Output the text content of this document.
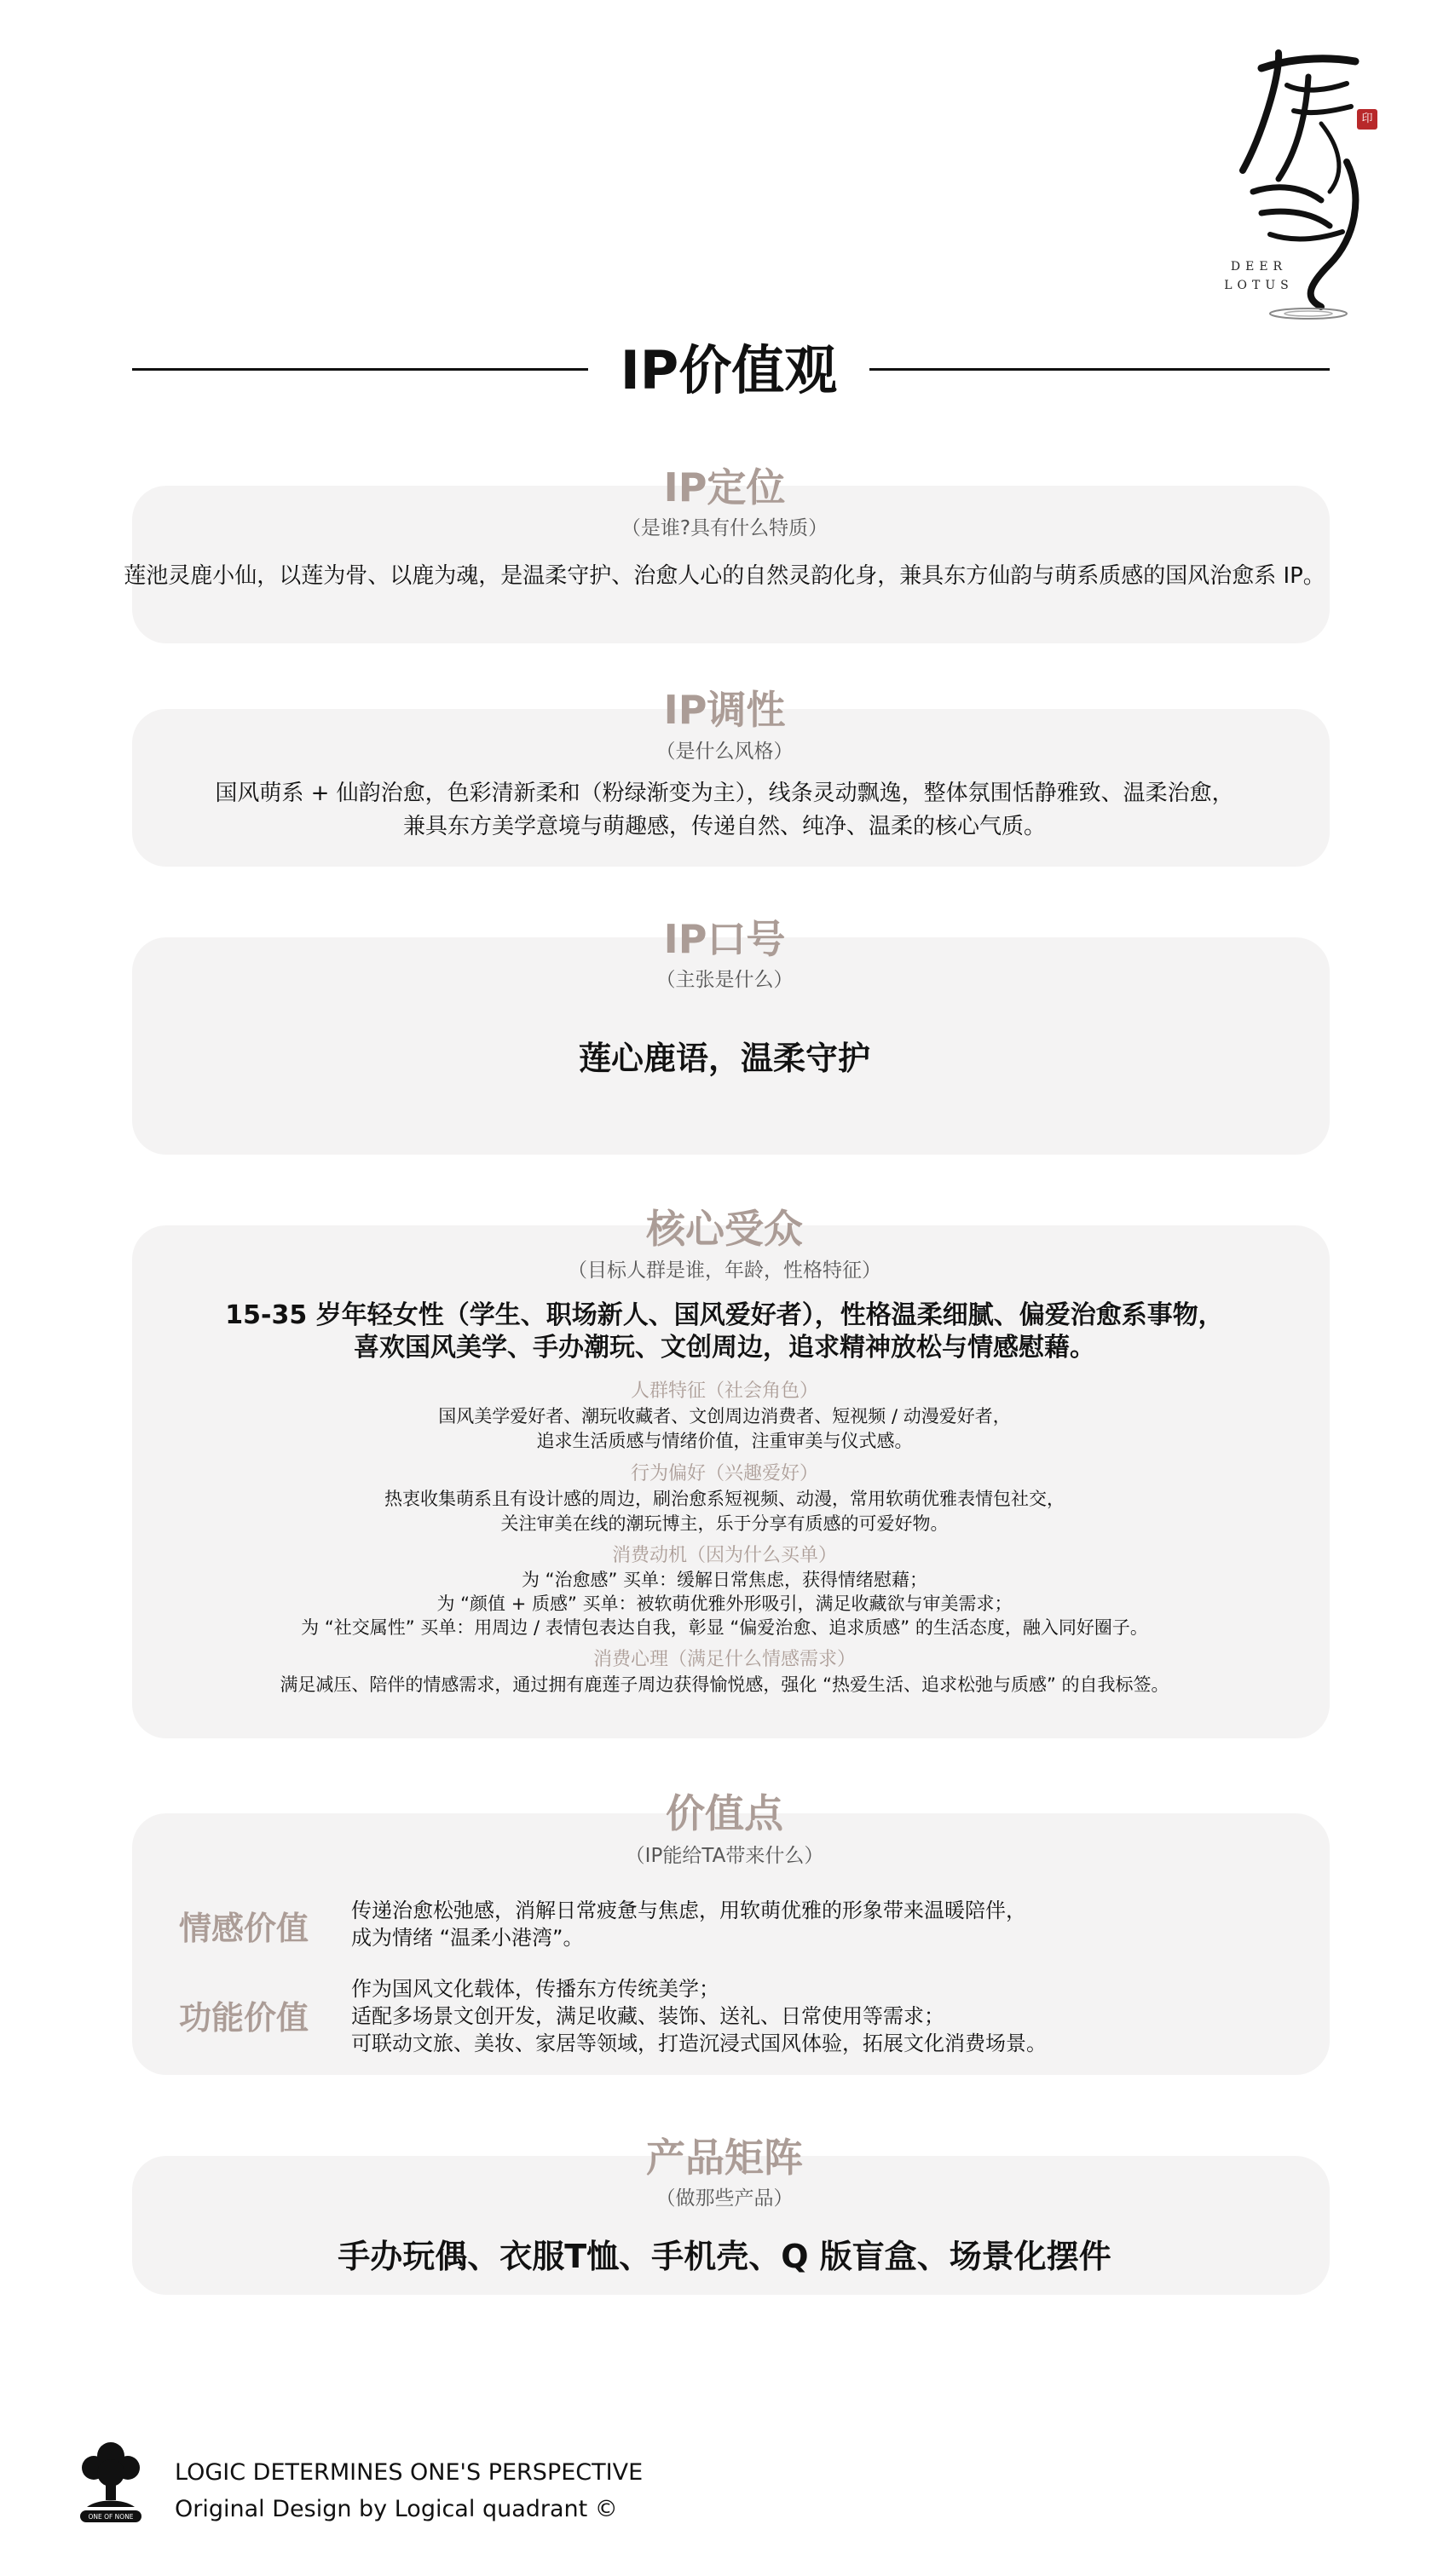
印
DEER
LOTUS
IP价值观
IP定位
（是谁?具有什么特质）
莲池灵鹿小仙，以莲为骨、以鹿为魂，是温柔守护、治愈人心的自然灵韵化身，兼具东方仙韵与萌系质感的国风治愈系 IP。
IP调性
（是什么风格）
国风萌系 + 仙韵治愈，色彩清新柔和（粉绿渐变为主），线条灵动飘逸，整体氛围恬静雅致、温柔治愈，
兼具东方美学意境与萌趣感，传递自然、纯净、温柔的核心气质。
IP口号
（主张是什么）
莲心鹿语，温柔守护
核心受众
（目标人群是谁，年龄，性格特征）
15-35 岁年轻女性（学生、职场新人、国风爱好者），性格温柔细腻、偏爱治愈系事物，
喜欢国风美学、手办潮玩、文创周边，追求精神放松与情感慰藉。
人群特征（社会角色）
国风美学爱好者、潮玩收藏者、文创周边消费者、短视频 / 动漫爱好者，
追求生活质感与情绪价值，注重审美与仪式感。
行为偏好（兴趣爱好）
热衷收集萌系且有设计感的周边，刷治愈系短视频、动漫，常用软萌优雅表情包社交，
关注审美在线的潮玩博主，乐于分享有质感的可爱好物。
消费动机（因为什么买单）
为 “治愈感” 买单：缓解日常焦虑，获得情绪慰藉；
为 “颜值 + 质感” 买单：被软萌优雅外形吸引，满足收藏欲与审美需求；
为 “社交属性” 买单：用周边 / 表情包表达自我，彰显 “偏爱治愈、追求质感” 的生活态度，融入同好圈子。
消费心理（满足什么情感需求）
满足减压、陪伴的情感需求，通过拥有鹿莲子周边获得愉悦感，强化 “热爱生活、追求松弛与质感” 的自我标签。
价值点
（IP能给TA带来什么）
情感价值 传递治愈松弛感，消解日常疲惫与焦虑，用软萌优雅的形象带来温暖陪伴，
成为情绪 “温柔小港湾”。
功能价值
作为国风文化载体，传播东方传统美学；
适配多场景文创开发，满足收藏、装饰、送礼、日常使用等需求；
可联动文旅、美妆、家居等领域，打造沉浸式国风体验，拓展文化消费场景。
产品矩阵
（做那些产品）
手办玩偶、衣服T恤、手机壳、Q 版盲盒、场景化摆件
ONE OF NONE
LOGIC DETERMINES ONE'S PERSPECTIVE
Original Design by Logical quadrant ©
